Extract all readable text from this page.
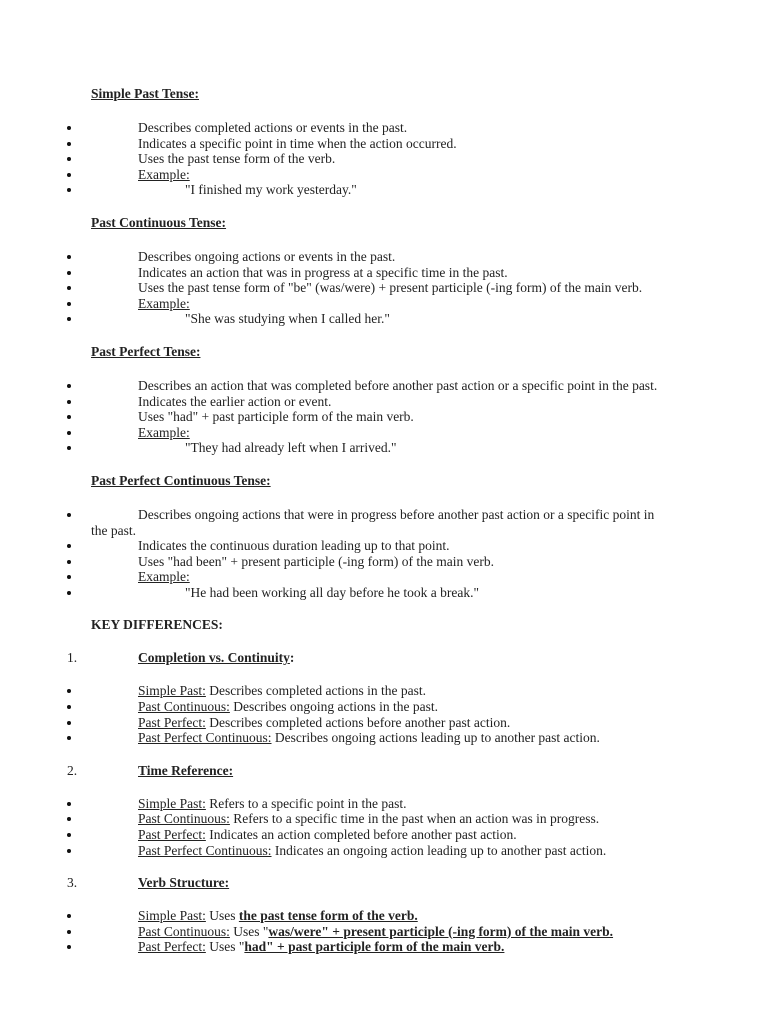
Simple Past Tense:
Describes completed actions or events in the past.
Indicates a specific point in time when the action occurred.
Uses the past tense form of the verb.
Example:
"I finished my work yesterday."
Past Continuous Tense:
Describes ongoing actions or events in the past.
Indicates an action that was in progress at a specific time in the past.
Uses the past tense form of "be" (was/were) + present participle (-ing form) of the main verb.
Example:
"She was studying when I called her."
Past Perfect Tense:
Describes an action that was completed before another past action or a specific point in the past.
Indicates the earlier action or event.
Uses "had" + past participle form of the main verb.
Example:
"They had already left when I arrived."
Past Perfect Continuous Tense:
Describes ongoing actions that were in progress before another past action or a specific point in the past.
Indicates the continuous duration leading up to that point.
Uses "had been" + present participle (-ing form) of the main verb.
Example:
"He had been working all day before he took a break."
KEY DIFFERENCES:
1.	Completion vs. Continuity:
Simple Past: Describes completed actions in the past.
Past Continuous: Describes ongoing actions in the past.
Past Perfect: Describes completed actions before another past action.
Past Perfect Continuous: Describes ongoing actions leading up to another past action.
2.	Time Reference:
Simple Past: Refers to a specific point in the past.
Past Continuous: Refers to a specific time in the past when an action was in progress.
Past Perfect: Indicates an action completed before another past action.
Past Perfect Continuous: Indicates an ongoing action leading up to another past action.
3.	Verb Structure:
Simple Past: Uses the past tense form of the verb.
Past Continuous: Uses "was/were" + present participle (-ing form) of the main verb.
Past Perfect: Uses "had" + past participle form of the main verb.
